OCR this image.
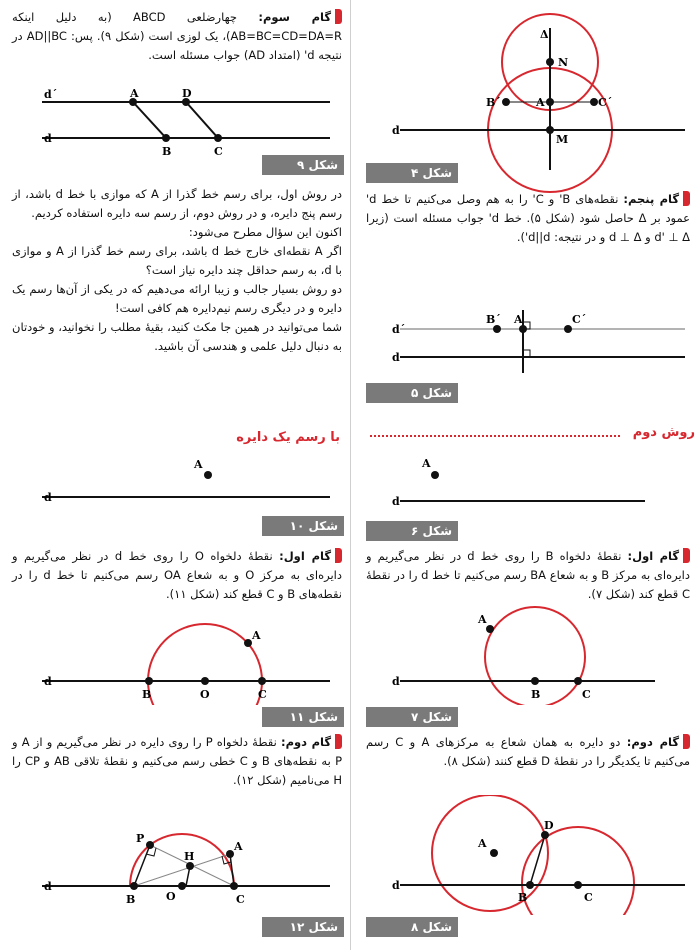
Δ
N
A
B´	C´
M
d
شکل ۴
گام پنجم: نقطه‌های B' و C' را به هم وصل می‌کنیم تا خط d' عمود بر Δ حاصل شود (شکل ۵). خط d' جواب مسئله است (زیرا d' ⊥ Δ و d ⊥ Δ و در نتیجه: d||d').
B´ A	C´
d´
d
شکل ۵
روش دوم
A
d
شکل ۶
گام اول: نقطهٔ دلخواه B را روی خط d در نظر می‌گیریم و دایره‌ای به مرکز B و به شعاع BA رسم می‌کنیم تا خط d را در نقطهٔ C قطع کند (شکل ۷).
A
B	C
d
شکل ۷
گام دوم: دو دایره به همان شعاع به مرکزهای A و C رسم می‌کنیم تا یکدیگر را در نقطهٔ D قطع کنند (شکل ۸).
A
D
B	C
d
شکل ۸
گام سوم: چهارضلعی ABCD (به دلیل اینکه AB=BC=CD=DA=R)، یک لوزی است (شکل ۹). پس: AD||BC در نتیجه d' (امتداد AD) جواب مسئله است.
A	D
B	C
d´
d
شکل ۹
در روش اول، برای رسم خط گذرا از A که موازی با خط d باشد، از رسم پنج دایره، و در روش دوم، از رسم سه دایره استفاده کردیم.
اکنون این سؤال مطرح می‌شود:
اگر A نقطه‌ای خارج خط d باشد، برای رسم خط گذرا از A و موازی با d، به رسم حداقل چند دایره نیاز است؟
دو روش بسیار جالب و زیبا ارائه می‌دهیم که در یکی از آن‌ها رسم یک دایره و در دیگری رسم نیم‌دایره هم کافی است!
شما می‌توانید در همین جا مکث کنید، بقیهٔ مطلب را نخوانید، و خودتان به دنبال دلیل علمی و هندسی آن باشید.
با رسم یک دایره
A
d
شکل ۱۰
گام اول: نقطهٔ دلخواه O را روی خط d در نظر می‌گیریم و دایره‌ای به مرکز O و به شعاع OA رسم می‌کنیم تا خط d را در نقطه‌های B و C قطع کند (شکل ۱۱).
A
B	O	C
d
شکل ۱۱
گام دوم: نقطهٔ دلخواه P را روی دایره در نظر می‌گیریم و از A و P به نقطه‌های B و C خطی رسم می‌کنیم و نقطهٔ تلاقی AB و CP را H می‌نامیم (شکل ۱۲).
P
H
A
B	O	C
d
شکل ۱۲
